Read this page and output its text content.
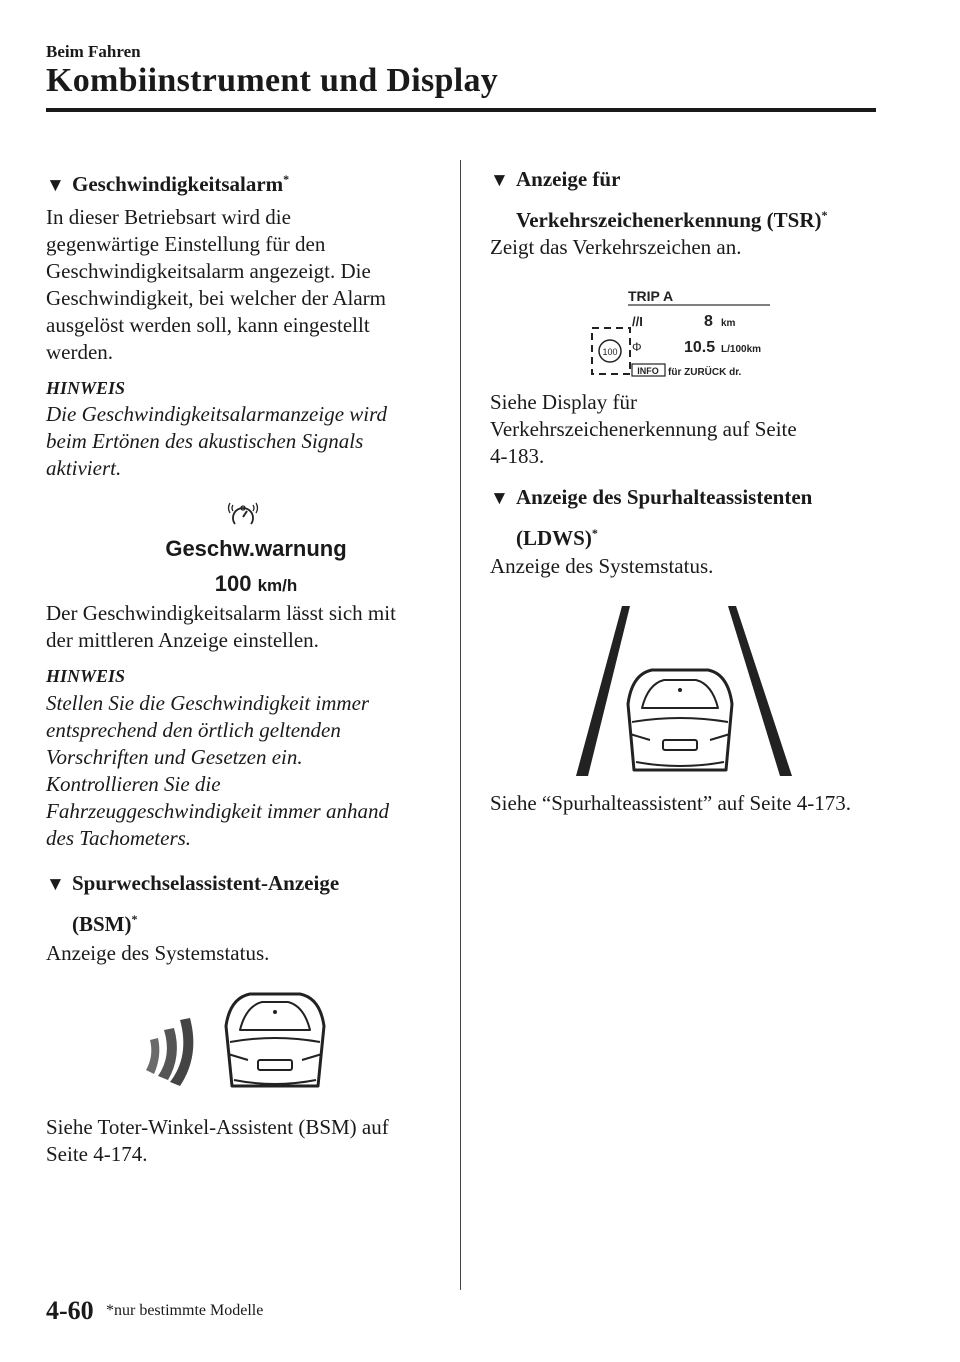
Beim Fahren
Kombiinstrument und Display
▼ Geschwindigkeitsalarm*
In dieser Betriebsart wird die
gegenwärtige Einstellung für den
Geschwindigkeitsalarm angezeigt. Die
Geschwindigkeit, bei welcher der Alarm
ausgelöst werden soll, kann eingestellt
werden.
HINWEIS
Die Geschwindigkeitsalarmanzeige wird
beim Ertönen des akustischen Signals
aktiviert.
Geschw.warnung
100 km/h
Der Geschwindigkeitsalarm lässt sich mit
der mittleren Anzeige einstellen.
HINWEIS
Stellen Sie die Geschwindigkeit immer
entsprechend den örtlich geltenden
Vorschriften und Gesetzen ein.
Kontrollieren Sie die
Fahrzeuggeschwindigkeit immer anhand
des Tachometers.
▼ Spurwechselassistent-Anzeige
(BSM)*
Anzeige des Systemstatus.
Siehe Toter-Winkel-Assistent (BSM) auf
Seite 4-174.
▼ Anzeige für
Verkehrszeichenerkennung (TSR)*
Zeigt das Verkehrszeichen an.
TRIP A
100
//I	8 km
Φ	10.5 L/100km
INFO für ZURÜCK dr.
Siehe Display für
Verkehrszeichenerkennung auf Seite
4-183.
▼ Anzeige des Spurhalteassistenten
(LDWS)*
Anzeige des Systemstatus.
Siehe “Spurhalteassistent” auf Seite 4-173.
4-60 *nur bestimmte Modelle
